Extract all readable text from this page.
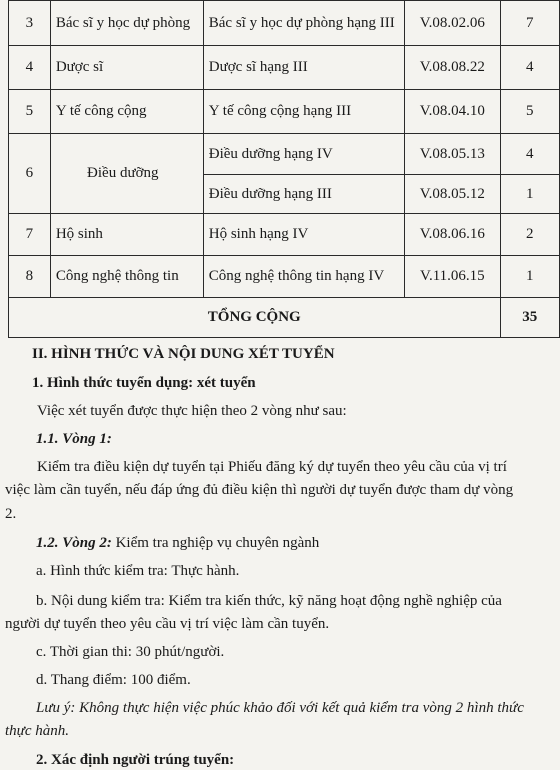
3	Bác sĩ y học dự phòng	Bác sĩ y học dự phòng hạng III	V.08.02.06	7
4	Dược sĩ	Dược sĩ hạng III	V.08.08.22	4
5	Y tế công cộng	Y tế công cộng hạng III	V.08.04.10	5
6	Điều dưỡng	Điều dưỡng hạng IV	V.08.05.13	4
		Điều dưỡng hạng III	V.08.05.12	1
7	Hộ sinh	Hộ sinh hạng IV	V.08.06.16	2
8	Công nghệ thông tin	Công nghệ thông tin hạng IV	V.11.06.15	1
TỔNG CỘNG				35
II. HÌNH THỨC VÀ NỘI DUNG XÉT TUYỂN
1. Hình thức tuyển dụng: xét tuyển
Việc xét tuyển được thực hiện theo 2 vòng như sau:
1.1. Vòng 1:
Kiểm tra điều kiện dự tuyển tại Phiếu đăng ký dự tuyển theo yêu cầu của vị trí
việc làm cần tuyển, nếu đáp ứng đủ điều kiện thì người dự tuyển được tham dự vòng
2.
1.2. Vòng 2: Kiểm tra nghiệp vụ chuyên ngành
a. Hình thức kiểm tra: Thực hành.
b. Nội dung kiểm tra: Kiểm tra kiến thức, kỹ năng hoạt động nghề nghiệp của
người dự tuyển theo yêu cầu vị trí việc làm cần tuyển.
c. Thời gian thi: 30 phút/người.
d. Thang điểm: 100 điểm.
Lưu ý: Không thực hiện việc phúc khảo đối với kết quả kiểm tra vòng 2 hình thức
thực hành.
2. Xác định người trúng tuyển:
